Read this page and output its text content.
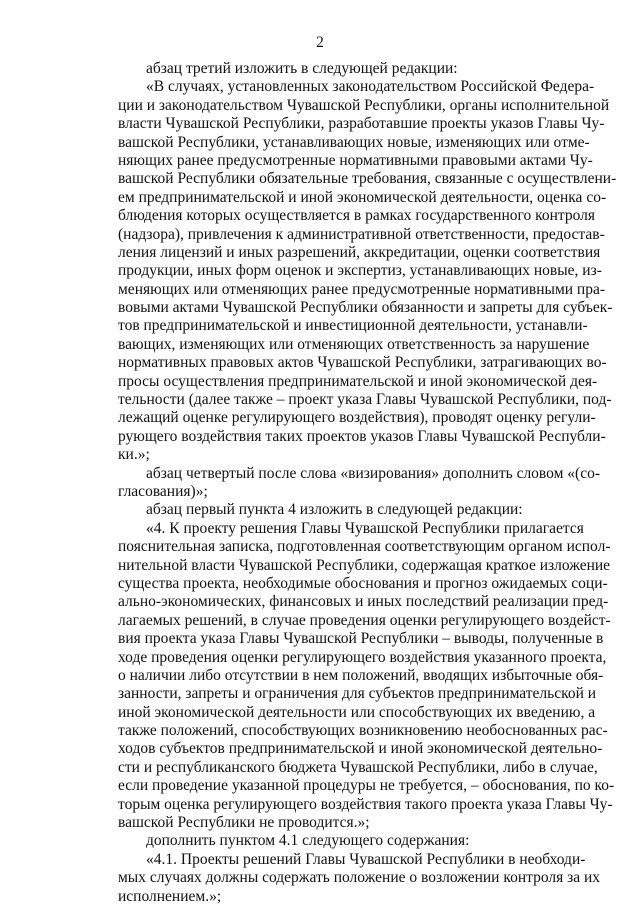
2
абзац третий изложить в следующей редакции:
«В случаях, установленных законодательством Российской Федера-
ции и законодательством Чувашской Республики, органы исполнительной
власти Чувашской Республики, разработавшие проекты указов Главы Чу-
вашской Республики, устанавливающих новые, изменяющих или отме-
няющих ранее предусмотренные нормативными правовыми актами Чу-
вашской Республики обязательные требования, связанные с осуществлени-
ем предпринимательской и иной экономической деятельности, оценка со-
блюдения которых осуществляется в рамках государственного контроля
(надзора), привлечения к административной ответственности, предостав-
ления лицензий и иных разрешений, аккредитации, оценки соответствия
продукции, иных форм оценок и экспертиз, устанавливающих новые, из-
меняющих или отменяющих ранее предусмотренные нормативными пра-
вовыми актами Чувашской Республики обязанности и запреты для субъек-
тов предпринимательской и инвестиционной деятельности, устанавли-
вающих, изменяющих или отменяющих ответственность за нарушение
нормативных правовых актов Чувашской Республики, затрагивающих во-
просы осуществления предпринимательской и иной экономической дея-
тельности (далее также – проект указа Главы Чувашской Республики, под-
лежащий оценке регулирующего воздействия), проводят оценку регули-
рующего воздействия таких проектов указов Главы Чувашской Республи-
ки.»;
абзац четвертый после слова «визирования» дополнить словом «(со-
гласования)»;
абзац первый пункта 4 изложить в следующей редакции:
«4. К проекту решения Главы Чувашской Республики прилагается
пояснительная записка, подготовленная соответствующим органом испол-
нительной власти Чувашской Республики, содержащая краткое изложение
существа проекта, необходимые обоснования и прогноз ожидаемых соци-
ально-экономических, финансовых и иных последствий реализации пред-
лагаемых решений, в случае проведения оценки регулирующего воздейст-
вия проекта указа Главы Чувашской Республики – выводы, полученные в
ходе проведения оценки регулирующего воздействия указанного проекта,
о наличии либо отсутствии в нем положений, вводящих избыточные обя-
занности, запреты и ограничения для субъектов предпринимательской и
иной экономической деятельности или способствующих их введению, а
также положений, способствующих возникновению необоснованных рас-
ходов субъектов предпринимательской и иной экономической деятельно-
сти и республиканского бюджета Чувашской Республики, либо в случае,
если проведение указанной процедуры не требуется, – обоснования, по ко-
торым оценка регулирующего воздействия такого проекта указа Главы Чу-
вашской Республики не проводится.»;
дополнить пунктом 4.1 следующего содержания:
«4.1. Проекты решений Главы Чувашской Республики в необходи-
мых случаях должны содержать положение о возложении контроля за их
исполнением.»;
